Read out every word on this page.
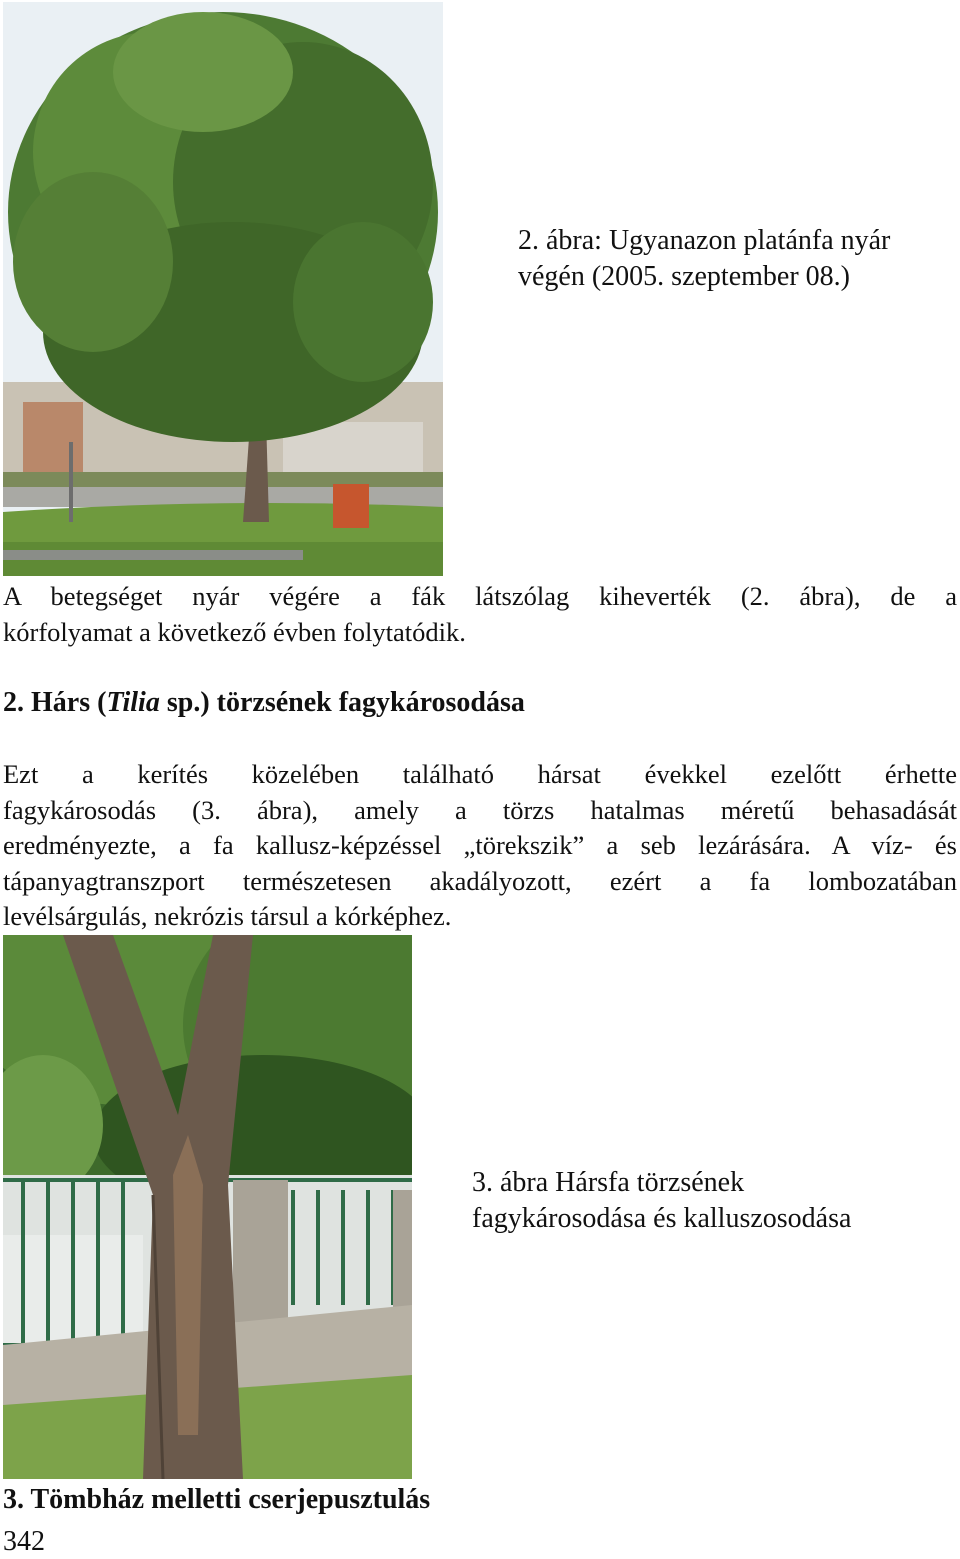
2. ábra: Ugyanazon platánfa nyár
végén (2005. szeptember 08.)
A betegséget nyár végére a fák látszólag kiheverték (2. ábra), de a
kórfolyamat a következő évben folytatódik.
2. Hárs (Tilia sp.) törzsének fagykárosodása
Ezt a kerítés közelében található hársat évekkel ezelőtt érhette
fagykárosodás (3. ábra), amely a törzs hatalmas méretű behasadását
eredményezte, a fa kallusz-képzéssel „törekszik” a seb lezárására. A víz- és
tápanyagtranszport természetesen akadályozott, ezért a fa lombozatában
levélsárgulás, nekrózis társul a kórképhez.
3. ábra Hársfa törzsének
fagykárosodása és kalluszosodása
3. Tömbház melletti cserjepusztulás
342
